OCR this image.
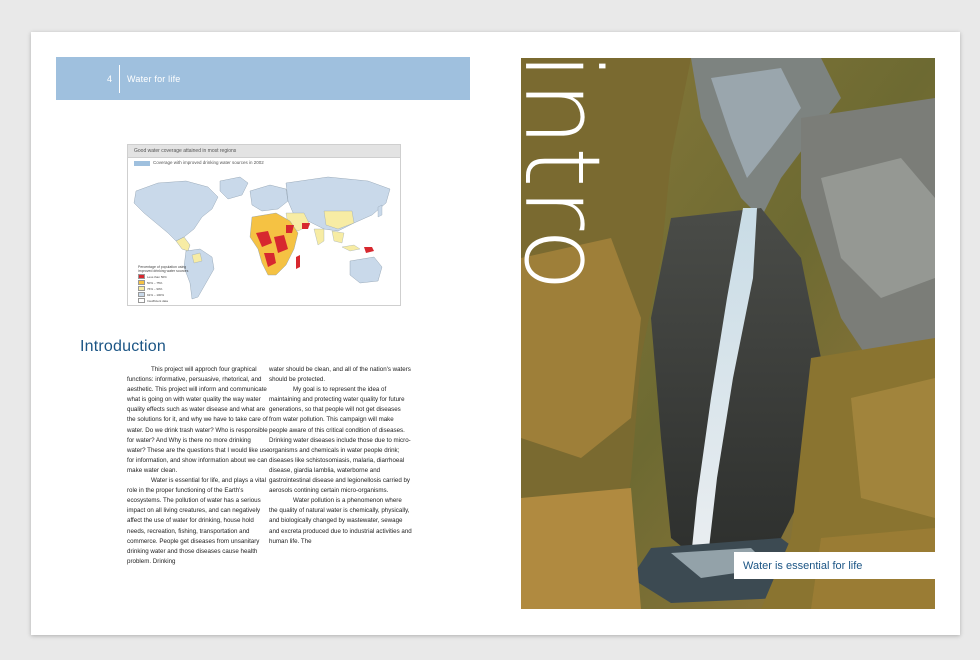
4	Water for life
Good water coverage attained in most regions
Coverage with improved drinking water sources in 2002
Percentage of population using
improved drinking water sources
Less than 50%
50% – 75%
76% – 90%
91% – 100%
Insufficient data
Introduction

This project will approch four graphical functions: informative, persuasive, rhetorical, and aesthetic. This project will inform and communicate what is going on with water quality the way water quality effects such as water disease and what are the solutions for it, and why we have to take care of water. Do we drink trash water? Who is responsible for water? And Why is there no more drinking water? These are the questions that I would like use for information, and show information about we can make water clean.

Water is essential for life, and plays a vital role in the proper functioning of the Earth's ecosystems. The pollution of water has a serious impact on all living creatures, and can negatively affect the use of water for drinking, house hold needs, recreation, fishing, transportation and commerce. People get diseases from unsanitary drinking water and those diseases cause health problem. Drinking

water should be clean, and all of the nation's waters should be protected.

My goal is to represent the idea of maintaining and protecting water quality for future generations, so that people will not get diseases from water pollution. This campaign will make people aware of this critical condition of diseases. Drinking water diseases include those due to micro-organisms and chemicals in water people drink; diseases like schistosomiasis, malaria, diarrhoeal disease, giardia lamblia, waterborne and gastrointestinal disease and legionellosis carried by aerosols contining certain micro-organisms.

Water pollution is a phenomenon where the quality of natural water is chemically, physically, and biologically changed by wastewater, sewage and excreta produced due to industrial activities and human life. The

intro
Water is essential for life
